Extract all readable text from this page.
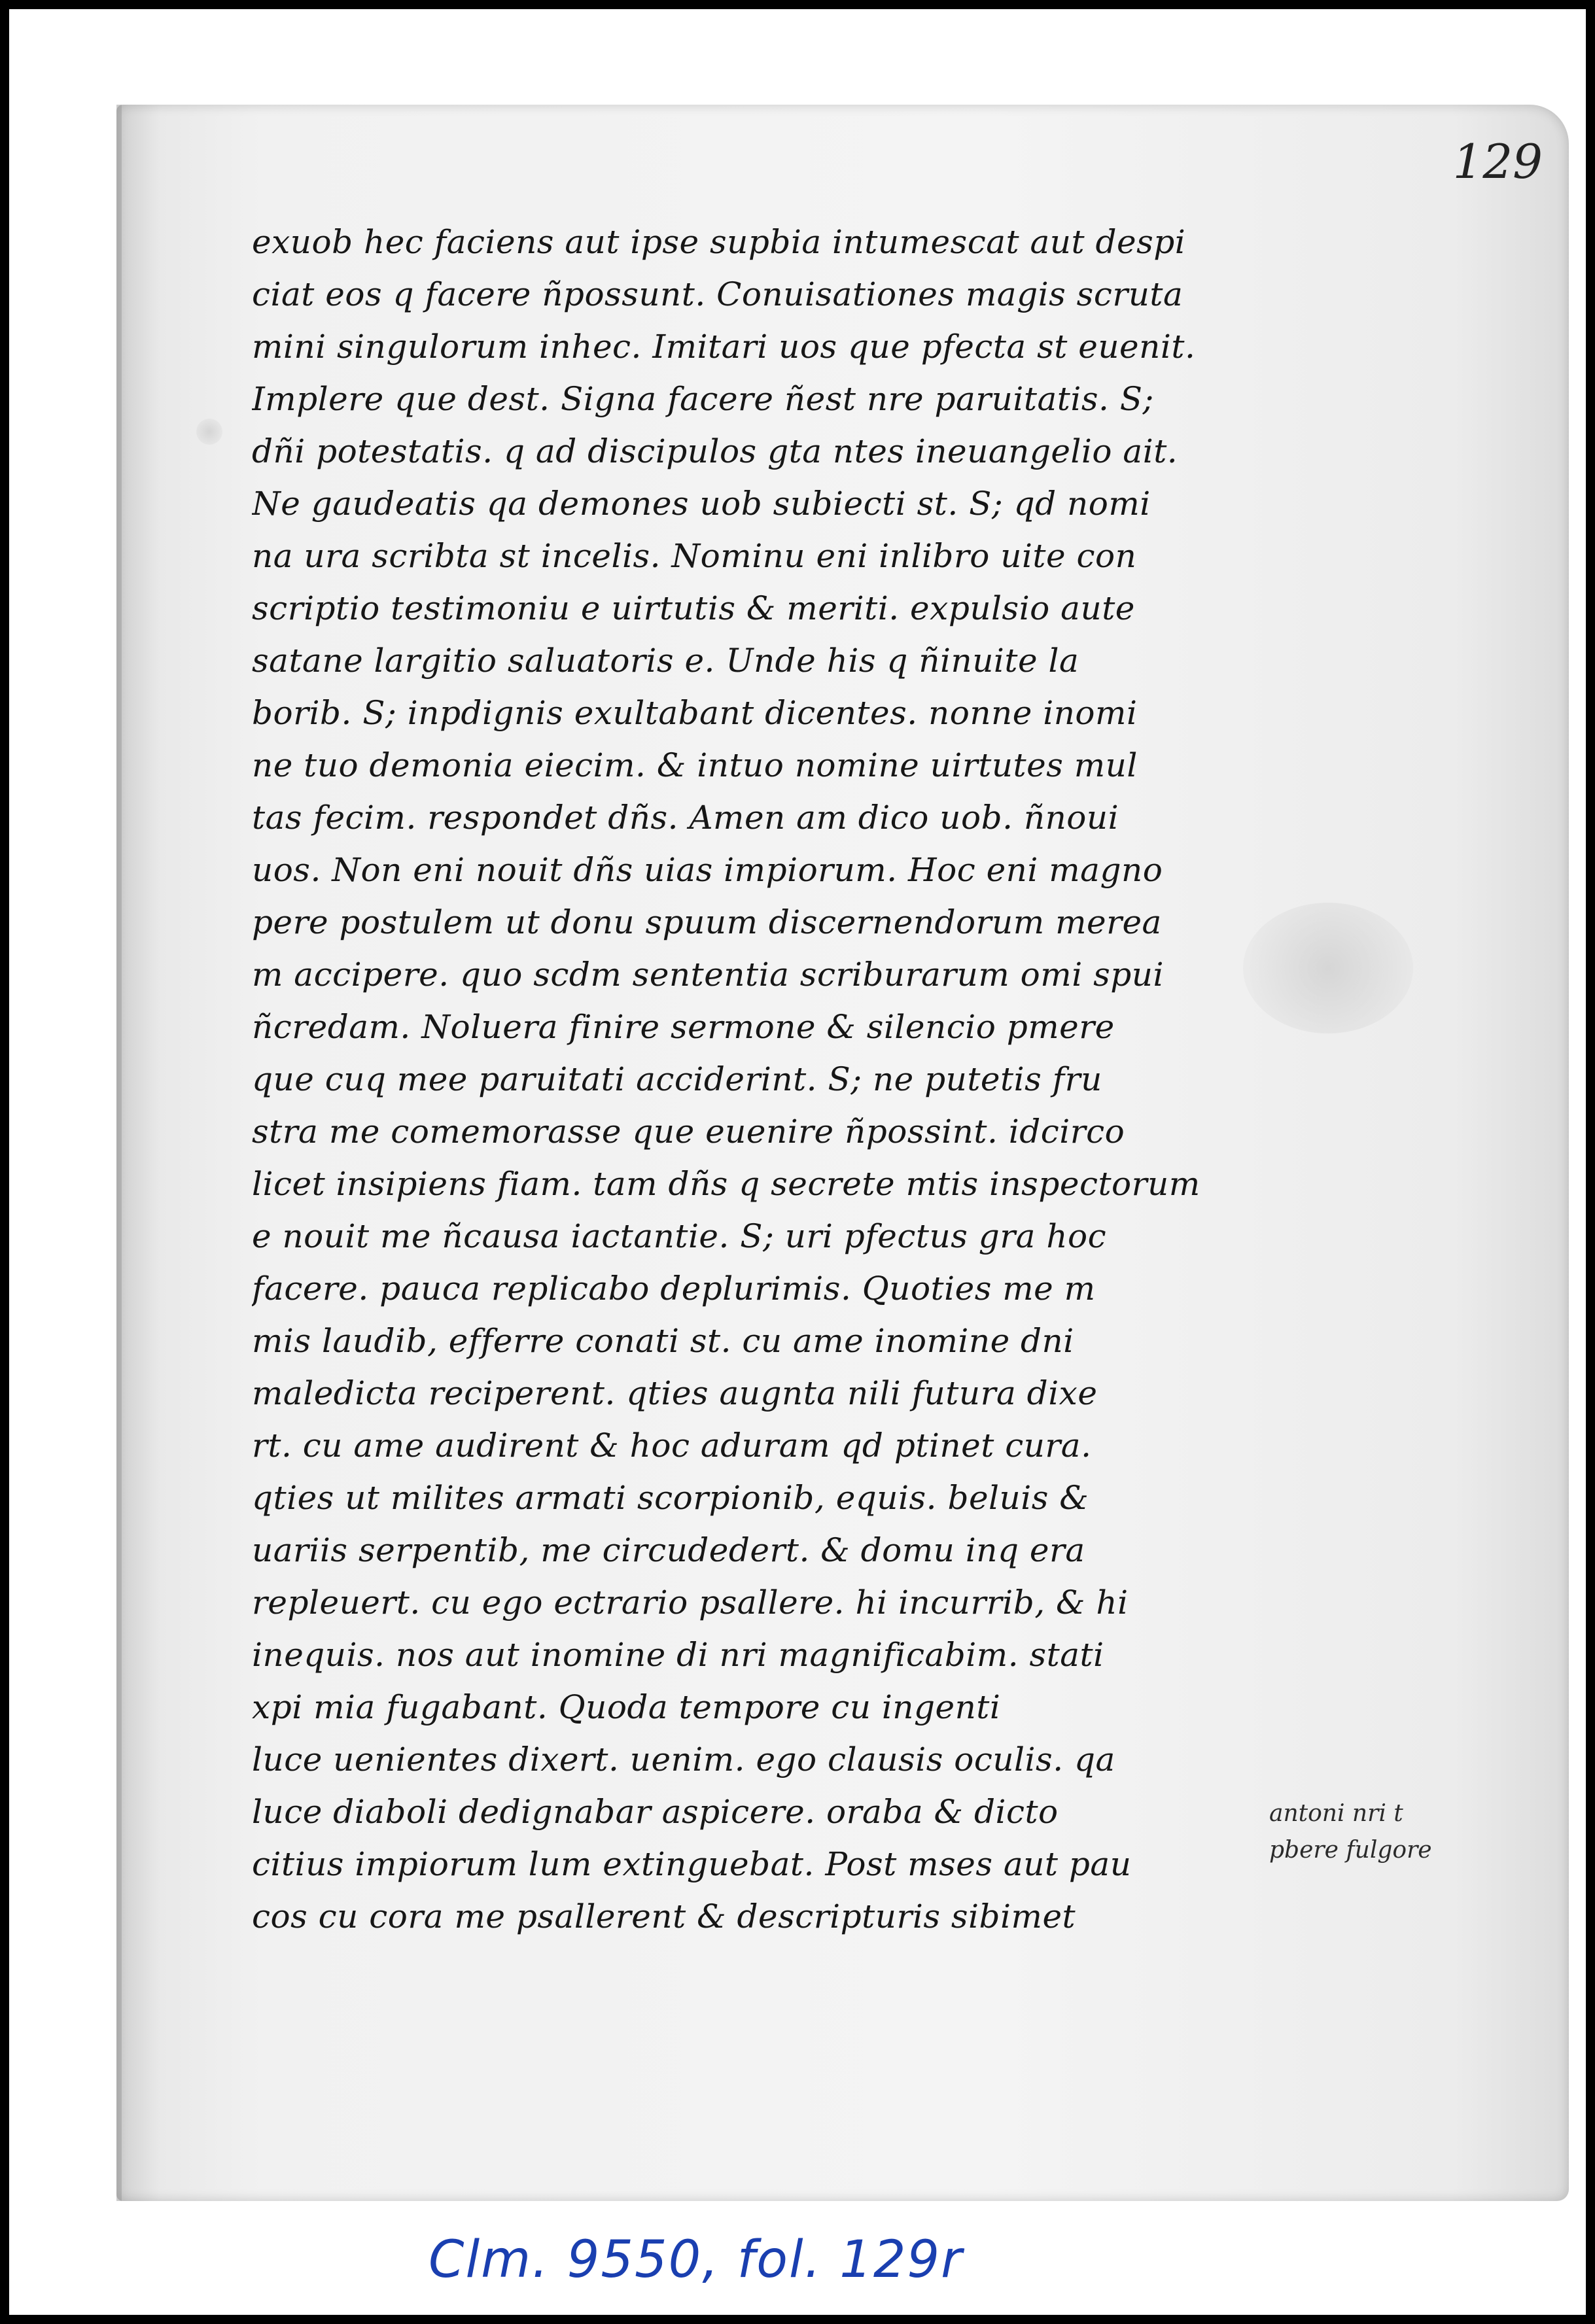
129
exuob hec faciens aut ipse supbia intumescat aut despi
ciat eos q facere ñpossunt. Conuisationes magis scruta
mini singulorum inhec. Imitari uos que pfecta st euenit.
Implere que dest. Signa facere ñest nre paruitatis. S;
dñi potestatis. q ad discipulos gta ntes ineuangelio ait.
Ne gaudeatis qa demones uob subiecti st. S; qd nomi
na ura scribta st incelis. Nominu eni inlibro uite con
scriptio testimoniu e uirtutis & meriti. expulsio aute
satane largitio saluatoris e. Unde his q ñinuite la
borib. S; inpdignis exultabant dicentes. nonne inomi
ne tuo demonia eiecim. & intuo nomine uirtutes mul
tas fecim. respondet dñs. Amen am dico uob. ñnoui
uos. Non eni nouit dñs uias impiorum. Hoc eni magno
pere postulem ut donu spuum discernendorum merea
m accipere. quo scdm sententia scriburarum omi spui
ñcredam. Noluera finire sermone & silencio pmere
que cuq mee paruitati acciderint. S; ne putetis fru
stra me comemorasse que euenire ñpossint. idcirco
licet insipiens fiam. tam dñs q secrete mtis inspectorum
e nouit me ñcausa iactantie. S; uri pfectus gra hoc
facere. pauca replicabo deplurimis. Quoties me m
mis laudib, efferre conati st. cu ame inomine dni
maledicta reciperent. qties augnta nili futura dixe
rt. cu ame audirent & hoc aduram qd ptinet cura.
qties ut milites armati scorpionib, equis. beluis &
uariis serpentib, me circudedert. & domu inq era
repleuert. cu ego ectrario psallere. hi incurrib, & hi
inequis. nos aut inomine di nri magnificabim. stati
xpi mia fugabant. Quoda tempore cu ingenti
luce uenientes dixert. uenim. ego clausis oculis. qa
luce diaboli dedignabar aspicere. oraba & dicto
citius impiorum lum extinguebat. Post mses aut pau
cos cu cora me psallerent & descripturis sibimet
antoni nri t
pbere fulgore
Clm. 9550, fol. 129r
